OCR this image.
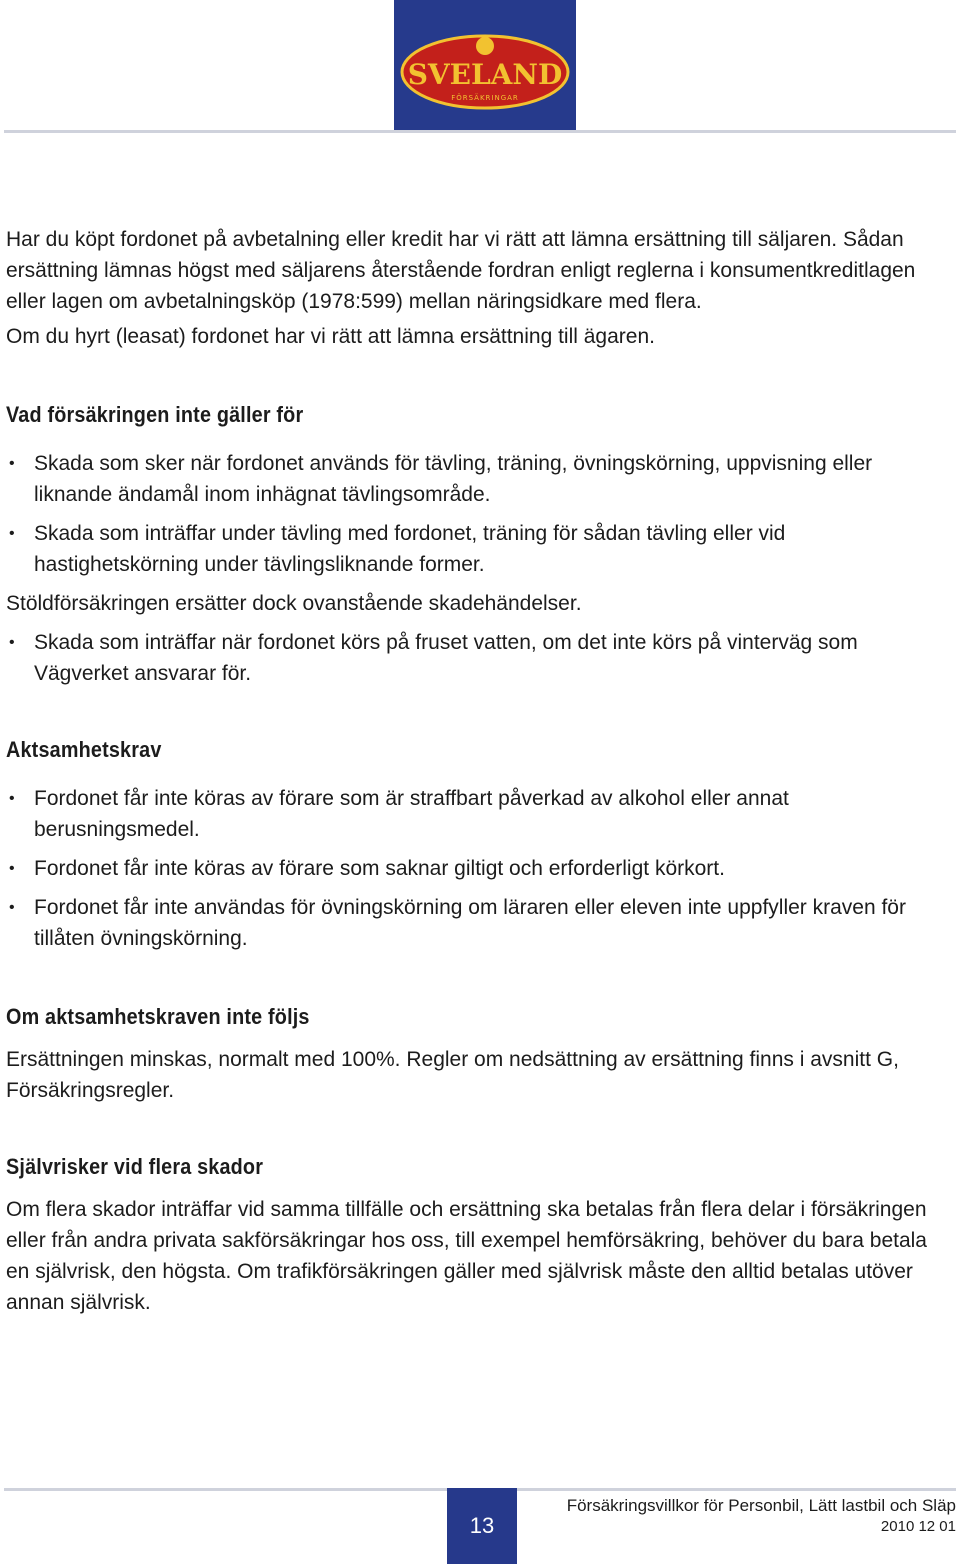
SVELAND
FÖRSÄKRINGAR

Har du köpt fordonet på avbetalning eller kredit har vi rätt att lämna ersättning till säljaren. Sådan ersättning lämnas högst med säljarens återstående fordran enligt reglerna i konsumentkreditlagen eller lagen om avbetalningsköp (1978:599) mellan näringsidkare med flera.

Om du hyrt (leasat) fordonet har vi rätt att lämna ersättning till ägaren.

Vad försäkringen inte gäller för
• Skada som sker när fordonet används för tävling, träning, övningskörning, uppvisning eller liknande ändamål inom inhägnat tävlingsområde.
• Skada som inträffar under tävling med fordonet, träning för sådan tävling eller vid hastighetskörning under tävlingsliknande former.

Stöldförsäkringen ersätter dock ovanstående skadehändelser.

• Skada som inträffar när fordonet körs på fruset vatten, om det inte körs på vinterväg som Vägverket ansvarar för.
Aktsamhetskrav
• Fordonet får inte köras av förare som är straffbart påverkad av alkohol eller annat berusningsmedel.
• Fordonet får inte köras av förare som saknar giltigt och erforderligt körkort.
• Fordonet får inte användas för övningskörning om läraren eller eleven inte uppfyller kraven för tillåten övningskörning.
Om aktsamhetskraven inte följs

Ersättningen minskas, normalt med 100%. Regler om nedsättning av ersättning finns i avsnitt G, Försäkringsregler.

Självrisker vid flera skador

Om flera skador inträffar vid samma tillfälle och ersättning ska betalas från flera delar i försäkringen eller från andra privata sakförsäkringar hos oss, till exempel hemförsäkring, behöver du bara betala en självrisk, den högsta. Om trafikförsäkringen gäller med självrisk måste den alltid betalas utöver annan självrisk.

13
Försäkringsvillkor för Personbil, Lätt lastbil och Släp
2010 12 01
